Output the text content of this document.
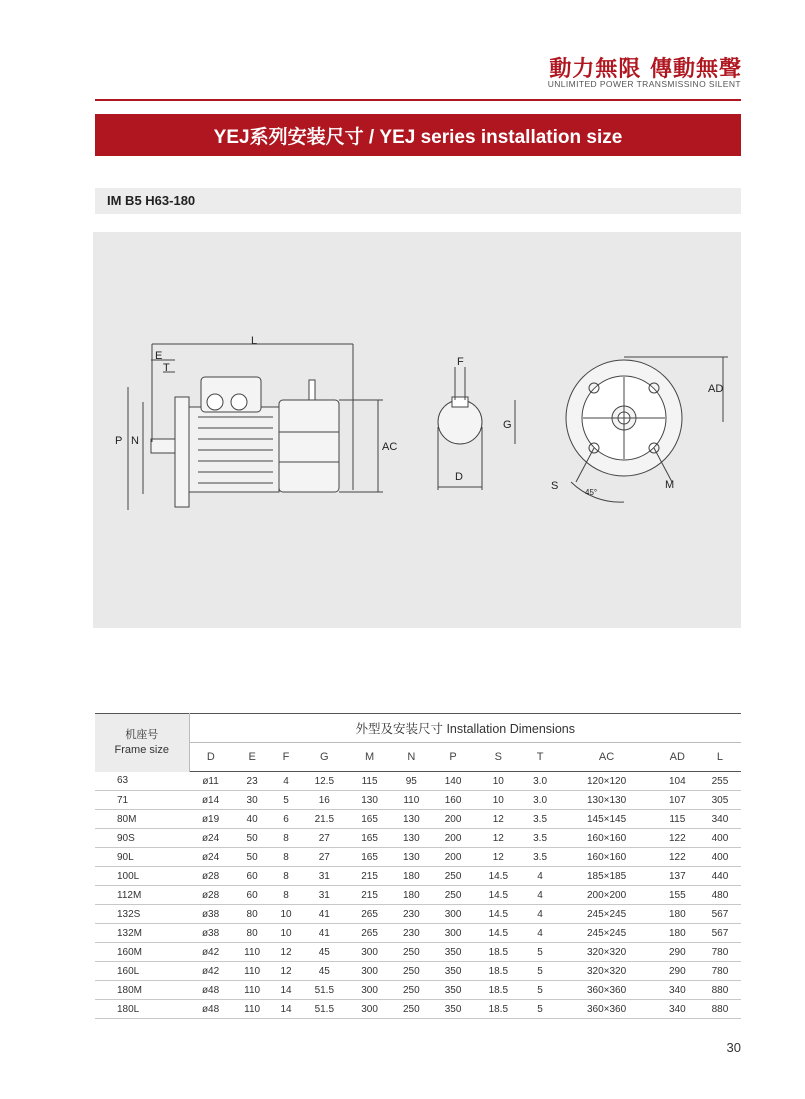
動力無限 傳動無聲
UNLIMITED POWER TRANSMISSINO SILENT
YEJ系列安装尺寸 / YEJ series installation size
IM B5 H63-180
L
E
T
P N	AC
F
G
D
AD
S	M
45°
机座号
Frame size	外型及安装尺寸 Installation Dimensions											
	D	E	F	G	M	N	P	S	T	AC	AD	L
63	ø11	23	4	12.5	115	95	140	10	3.0	120×120	104	255
71	ø14	30	5	16	130	110	160	10	3.0	130×130	107	305
80M	ø19	40	6	21.5	165	130	200	12	3.5	145×145	115	340
90S	ø24	50	8	27	165	130	200	12	3.5	160×160	122	400
90L	ø24	50	8	27	165	130	200	12	3.5	160×160	122	400
100L	ø28	60	8	31	215	180	250	14.5	4	185×185	137	440
112M	ø28	60	8	31	215	180	250	14.5	4	200×200	155	480
132S	ø38	80	10	41	265	230	300	14.5	4	245×245	180	567
132M	ø38	80	10	41	265	230	300	14.5	4	245×245	180	567
160M	ø42	110	12	45	300	250	350	18.5	5	320×320	290	780
160L	ø42	110	12	45	300	250	350	18.5	5	320×320	290	780
180M	ø48	110	14	51.5	300	250	350	18.5	5	360×360	340	880
180L	ø48	110	14	51.5	300	250	350	18.5	5	360×360	340	880
30
